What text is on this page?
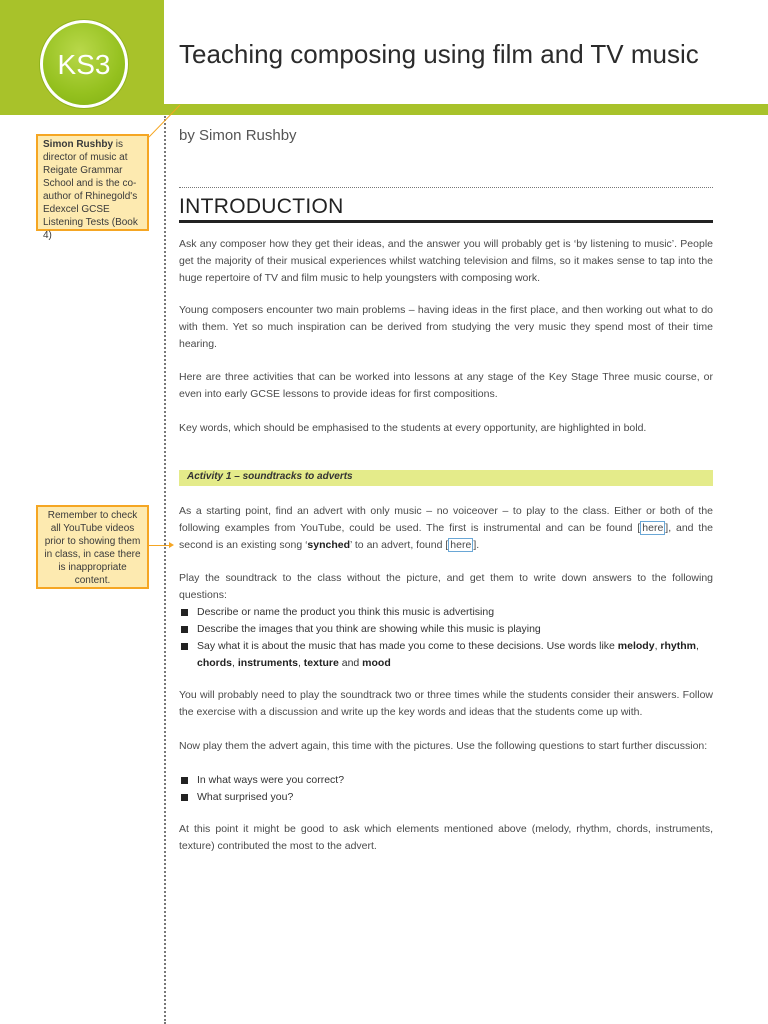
KS3	Teaching composing using film and TV music
by Simon Rushby
Simon Rushby is director of music at Reigate Grammar School and is the co-author of Rhinegold's Edexcel GCSE Listening Tests (Book 4)
Remember to check all YouTube videos prior to showing them in class, in case there is inappropriate content.
INTRODUCTION

Ask any composer how they get their ideas, and the answer you will probably get is ‘by listening to music’. People get the majority of their musical experiences whilst watching television and films, so it makes sense to tap into the huge repertoire of TV and film music to help youngsters with composing work.

Young composers encounter two main problems – having ideas in the first place, and then working out what to do with them. Yet so much inspiration can be derived from studying the very music they spend most of their time hearing.

Here are three activities that can be worked into lessons at any stage of the Key Stage Three music course, or even into early GCSE lessons to provide ideas for first compositions.

Key words, which should be emphasised to the students at every opportunity, are highlighted in bold.

Activity 1 – soundtracks to adverts

As a starting point, find an advert with only music – no voiceover – to play to the class. Either or both of the following examples from YouTube, could be used. The first is instrumental and can be found [ here ], and the second is an existing song ‘synched’ to an advert, found [ here ].

Play the soundtrack to the class without the picture, and get them to write down answers to the following questions:

Describe or name the product you think this music is advertising
Describe the images that you think are showing while this music is playing
Say what it is about the music that has made you come to these decisions. Use words like melody, rhythm, chords, instruments, texture and mood

You will probably need to play the soundtrack two or three times while the students consider their answers. Follow the exercise with a discussion and write up the key words and ideas that the students come up with.

Now play them the advert again, this time with the pictures. Use the following questions to start further discussion:

In what ways were you correct?
What surprised you?

At this point it might be good to ask which elements mentioned above (melody, rhythm, chords, instruments, texture) contributed the most to the advert.
